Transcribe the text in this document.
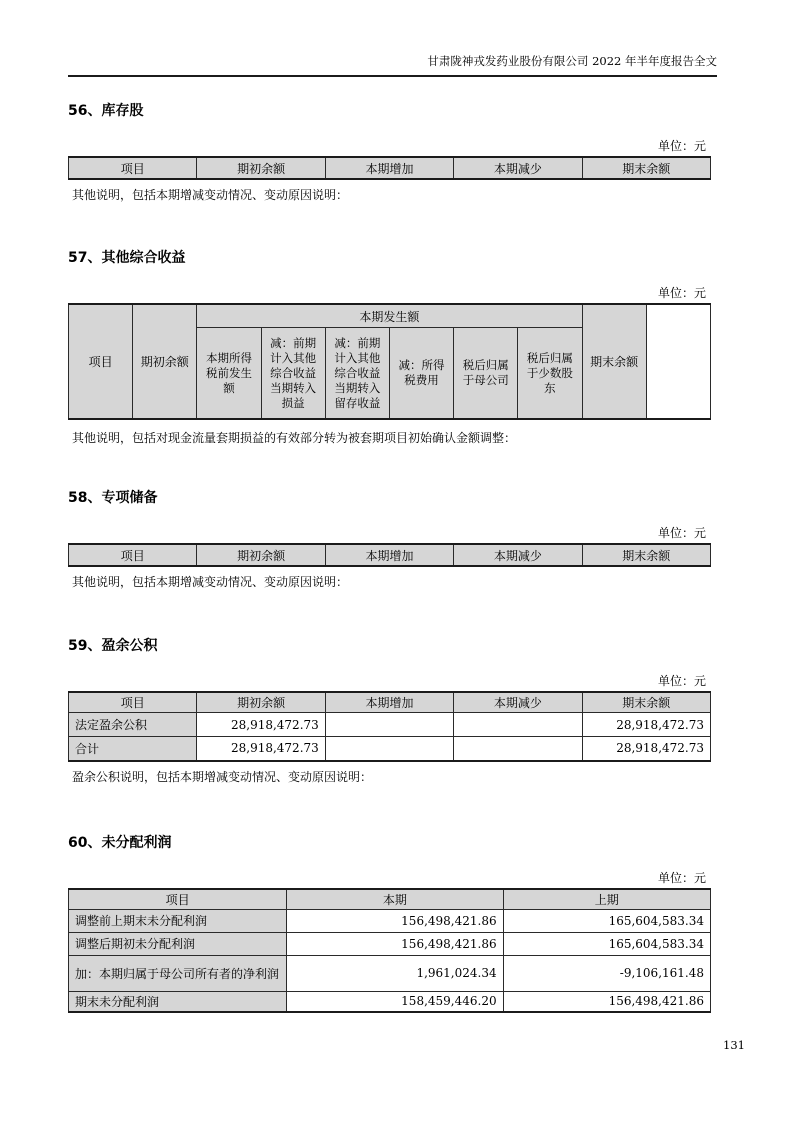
甘肃陇神戎发药业股份有限公司 2022 年半年度报告全文
56、库存股
单位：元
项目	期初余额	本期增加	本期减少	期末余额
其他说明，包括本期增减变动情况、变动原因说明：
57、其他综合收益
单位：元
项目	期初余额	本期发生额						期末余额
		本期所得税前发生额	减：前期计入其他综合收益当期转入损益	减：前期计入其他综合收益当期转入留存收益	减：所得税费用	税后归属于母公司	税后归属于少数股东	
其他说明，包括对现金流量套期损益的有效部分转为被套期项目初始确认金额调整：
58、专项储备
单位：元
项目	期初余额	本期增加	本期减少	期末余额
其他说明，包括本期增减变动情况、变动原因说明：
59、盈余公积
单位：元
项目	期初余额	本期增加	本期减少	期末余额
法定盈余公积	28,918,472.73			28,918,472.73
合计	28,918,472.73			28,918,472.73
盈余公积说明，包括本期增减变动情况、变动原因说明：
60、未分配利润
单位：元
项目	本期	上期
调整前上期末未分配利润	156,498,421.86	165,604,583.34
调整后期初未分配利润	156,498,421.86	165,604,583.34
加：本期归属于母公司所有者的净利润	1,961,024.34	-9,106,161.48
期末未分配利润	158,459,446.20	156,498,421.86
131
